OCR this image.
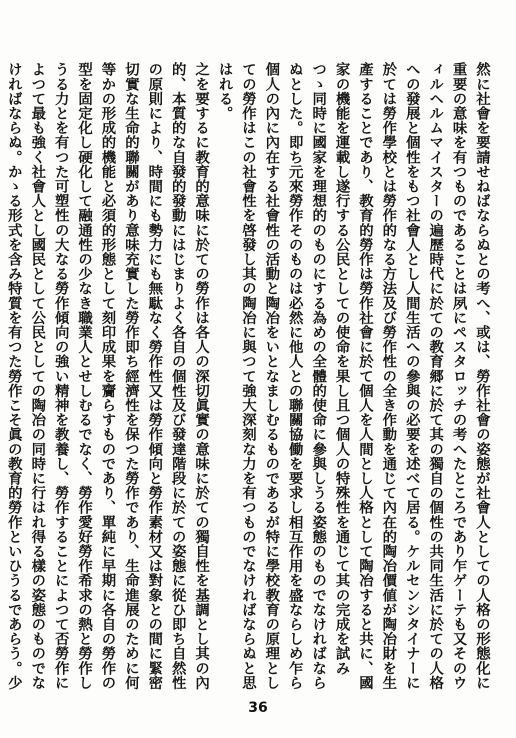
然に社會を要請せねばならぬとの考へ、或は、勞作社會の姿態が社會人としての人格の形態化に重要の意味を有つものであることは夙にペスタロッチの考へたところであり乍ゲーテも又そのウィルヘルムマイスターの遍歷時代に於ての教育郷に於て其の獨自の個性の共同生活に於ての人格への發展と個性をもつ社會人とし人間生活への參與の必要を述べて居る。ケルセンシタイナーに於ては勞作學校とは勞作的なる方法及び勞作性の全き作動を通じて內在的陶冶價値が陶冶財を生產することであり、教育的勞作は勞作社會に於て個人を人間とし人格として陶冶すると共に、國家の機能を運載し遂行する公民としての使命を果し且つ個人の特殊性を通じて其の完成を試みつゝ同時に國家を理想的のものにする為めの全體的使命に參與しうる姿態のものでなければならぬとした。即ち元來勞作そのものは必然に他人との聯關協働を要求し相互作用を盛ならしめ乍ら個人の內に內在する社會性の活動と陶冶をいとなましむるものであるが特に學校教育の原理としての勞作はこの社會性を啓發し其の陶冶に與つて強大深刻な力を有つものでなければならぬと思はれる。

之を要するに教育的意味に於ての勞作は各人の深切眞實の意味に於ての獨自性を基調とし其の內的、本質的な自發的發動にはじまりよく各自の個性及び發達階段に於ての姿態に從ひ即ち自然性の原則により、時間にも勢力にも無駄なく勞作性又は勞作傾向と勞作素材又は對象との間に緊密切實な生命的聯關があり意味充實した勞作即ち經濟性を保つた勞作であり、生命進展のために何等かの形成的機能と必須的形態として刻印成果を齎らすものであり、單純に早期に各自の勞作の型を固定化し硬化して融通性の少なき職業人とせしむるでなく、勞作愛好勞作希求の熱と勞作しうる力とを有つた可塑性の大なる勞作傾向の強い精神を教養し、勞作することによつて否勞作によつて最も強く社會人とし國民として公民としての陶冶の同時に行はれ得る樣の姿態のものでなければならぬ。かゝる形式を含み特質を有つた勞作こそ眞の教育的勞作といひうるであらう。少

36
